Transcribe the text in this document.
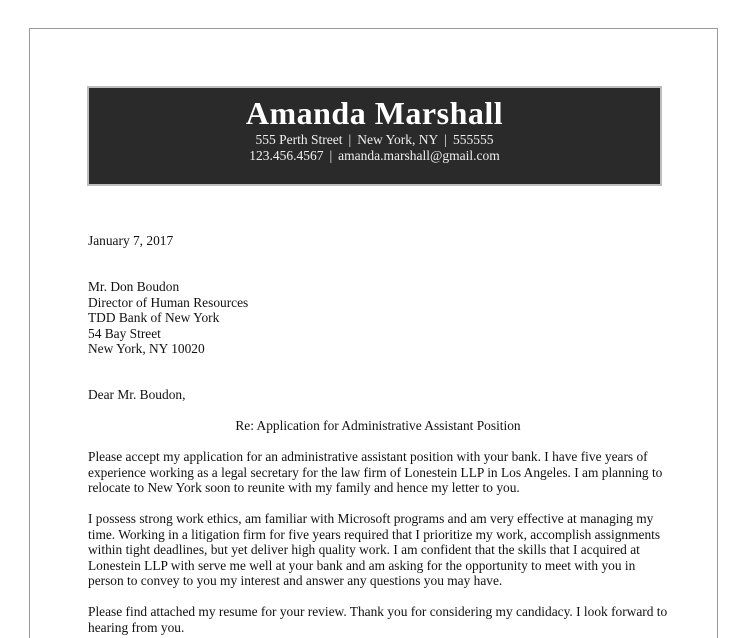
Amanda Marshall
555 Perth Street | New York, NY | 555555
123.456.4567 | amanda.marshall@gmail.com
January 7, 2017
Mr. Don Boudon
Director of Human Resources
TDD Bank of New York
54 Bay Street
New York, NY 10020
Dear Mr. Boudon,
Re: Application for Administrative Assistant Position
Please accept my application for an administrative assistant position with your bank. I have five years of experience working as a legal secretary for the law firm of Lonestein LLP in Los Angeles. I am planning to relocate to New York soon to reunite with my family and hence my letter to you.
I possess strong work ethics, am familiar with Microsoft programs and am very effective at managing my time. Working in a litigation firm for five years required that I prioritize my work, accomplish assignments within tight deadlines, but yet deliver high quality work. I am confident that the skills that I acquired at Lonestein LLP with serve me well at your bank and am asking for the opportunity to meet with you in person to convey to you my interest and answer any questions you may have.
Please find attached my resume for your review. Thank you for considering my candidacy. I look forward to hearing from you.
